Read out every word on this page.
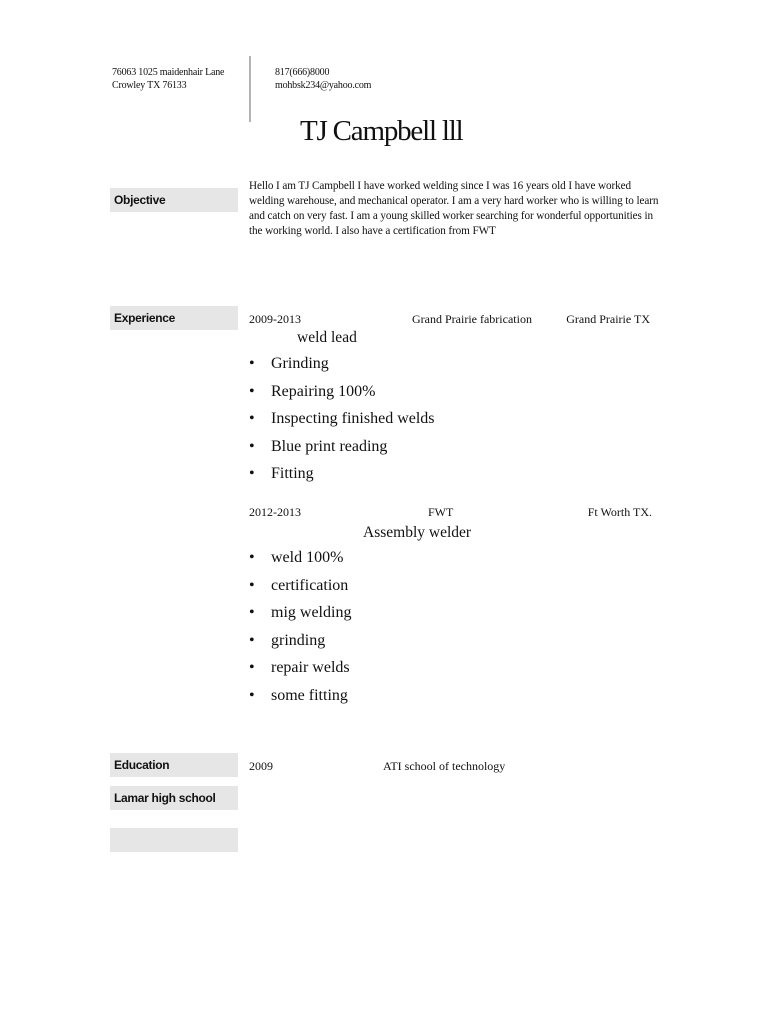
76063 1025 maidenhair Lane
Crowley TX 76133
817(666)8000
mohbsk234@yahoo.com
TJ Campbell lll
Objective
Hello I am TJ Campbell I have worked welding since I was 16 years old I have worked welding warehouse, and mechanical operator. I am a very hard worker who is willing to learn and catch on very fast. I am a young skilled worker searching for wonderful opportunities in the working world. I also have a certification from FWT
Experience	2009-2013	Grand Prairie fabrication	Grand Prairie TX
weld lead
• Grinding
• Repairing 100%
• Inspecting finished welds
• Blue print reading
• Fitting
2012-2013	FWT	Ft Worth TX.
Assembly welder
• weld 100%
• certification
• mig welding
• grinding
• repair welds
• some fitting
Education	2009	ATI school of technology
Lamar high school
